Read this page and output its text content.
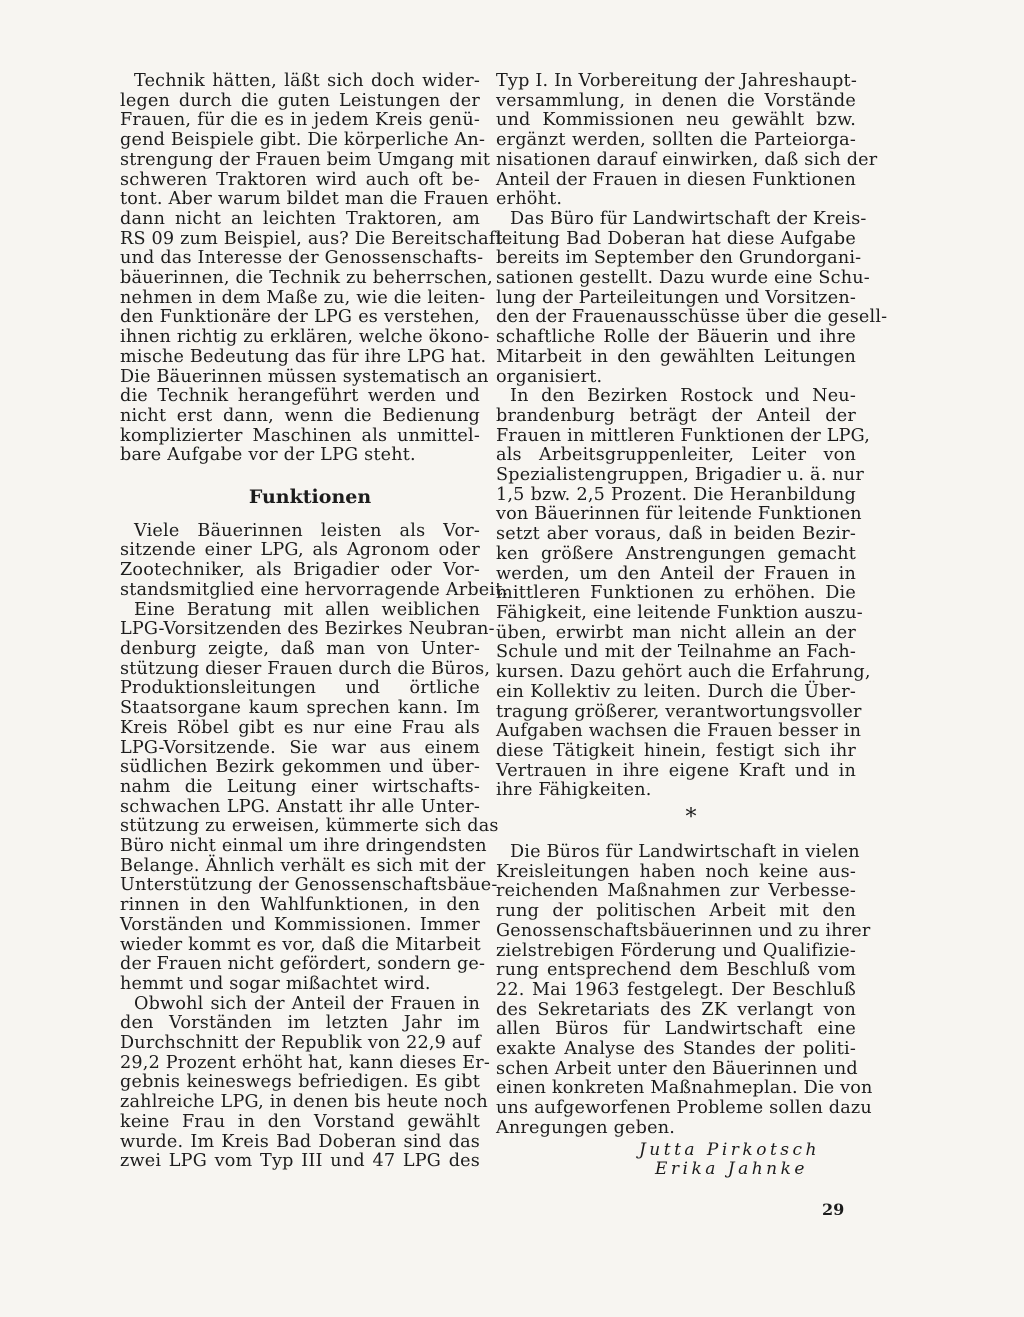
Technik hätten, läßt sich doch wider-
legen durch die guten Leistungen der
Frauen, für die es in jedem Kreis genü-
gend Beispiele gibt. Die körperliche An-
strengung der Frauen beim Umgang mit
schweren Traktoren wird auch oft be-
tont. Aber warum bildet man die Frauen
dann nicht an leichten Traktoren, am
RS 09 zum Beispiel, aus? Die Bereitschaft
und das Interesse der Genossenschafts-
bäuerinnen, die Technik zu beherrschen,
nehmen in dem Maße zu, wie die leiten-
den Funktionäre der LPG es verstehen,
ihnen richtig zu erklären, welche ökono-
mische Bedeutung das für ihre LPG hat.
Die Bäuerinnen müssen systematisch an
die Technik herangeführt werden und
nicht erst dann, wenn die Bedienung
komplizierter Maschinen als unmittel-
bare Aufgabe vor der LPG steht.
Funktionen
Viele Bäuerinnen leisten als Vor-
sitzende einer LPG, als Agronom oder
Zootechniker, als Brigadier oder Vor-
standsmitglied eine hervorragende Arbeit.
Eine Beratung mit allen weiblichen
LPG-Vorsitzenden des Bezirkes Neubran-
denburg zeigte, daß man von Unter-
stützung dieser Frauen durch die Büros,
Produktionsleitungen und örtliche
Staatsorgane kaum sprechen kann. Im
Kreis Röbel gibt es nur eine Frau als
LPG-Vorsitzende. Sie war aus einem
südlichen Bezirk gekommen und über-
nahm die Leitung einer wirtschafts-
schwachen LPG. Anstatt ihr alle Unter-
stützung zu erweisen, kümmerte sich das
Büro nicht einmal um ihre dringendsten
Belange. Ähnlich verhält es sich mit der
Unterstützung der Genossenschaftsbäue-
rinnen in den Wahlfunktionen, in den
Vorständen und Kommissionen. Immer
wieder kommt es vor, daß die Mitarbeit
der Frauen nicht gefördert, sondern ge-
hemmt und sogar mißachtet wird.
Obwohl sich der Anteil der Frauen in
den Vorständen im letzten Jahr im
Durchschnitt der Republik von 22,9 auf
29,2 Prozent erhöht hat, kann dieses Er-
gebnis keineswegs befriedigen. Es gibt
zahlreiche LPG, in denen bis heute noch
keine Frau in den Vorstand gewählt
wurde. Im Kreis Bad Doberan sind das
zwei LPG vom Typ III und 47 LPG des
Typ I. In Vorbereitung der Jahreshaupt-
versammlung, in denen die Vorstände
und Kommissionen neu gewählt bzw.
ergänzt werden, sollten die Parteiorga-
nisationen darauf einwirken, daß sich der
Anteil der Frauen in diesen Funktionen
erhöht.
Das Büro für Landwirtschaft der Kreis-
leitung Bad Doberan hat diese Aufgabe
bereits im September den Grundorgani-
sationen gestellt. Dazu wurde eine Schu-
lung der Parteileitungen und Vorsitzen-
den der Frauenausschüsse über die gesell-
schaftliche Rolle der Bäuerin und ihre
Mitarbeit in den gewählten Leitungen
organisiert.
In den Bezirken Rostock und Neu-
brandenburg beträgt der Anteil der
Frauen in mittleren Funktionen der LPG,
als Arbeitsgruppenleiter, Leiter von
Spezialistengruppen, Brigadier u. ä. nur
1,5 bzw. 2,5 Prozent. Die Heranbildung
von Bäuerinnen für leitende Funktionen
setzt aber voraus, daß in beiden Bezir-
ken größere Anstrengungen gemacht
werden, um den Anteil der Frauen in
mittleren Funktionen zu erhöhen. Die
Fähigkeit, eine leitende Funktion auszu-
üben, erwirbt man nicht allein an der
Schule und mit der Teilnahme an Fach-
kursen. Dazu gehört auch die Erfahrung,
ein Kollektiv zu leiten. Durch die Über-
tragung größerer, verantwortungsvoller
Aufgaben wachsen die Frauen besser in
diese Tätigkeit hinein, festigt sich ihr
Vertrauen in ihre eigene Kraft und in
ihre Fähigkeiten.
*
Die Büros für Landwirtschaft in vielen
Kreisleitungen haben noch keine aus-
reichenden Maßnahmen zur Verbesse-
rung der politischen Arbeit mit den
Genossenschaftsbäuerinnen und zu ihrer
zielstrebigen Förderung und Qualifizie-
rung entsprechend dem Beschluß vom
22. Mai 1963 festgelegt. Der Beschluß
des Sekretariats des ZK verlangt von
allen Büros für Landwirtschaft eine
exakte Analyse des Standes der politi-
schen Arbeit unter den Bäuerinnen und
einen konkreten Maßnahmeplan. Die von
uns aufgeworfenen Probleme sollen dazu
Anregungen geben.
Jutta Pirkotsch
Erika Jahnke
29
